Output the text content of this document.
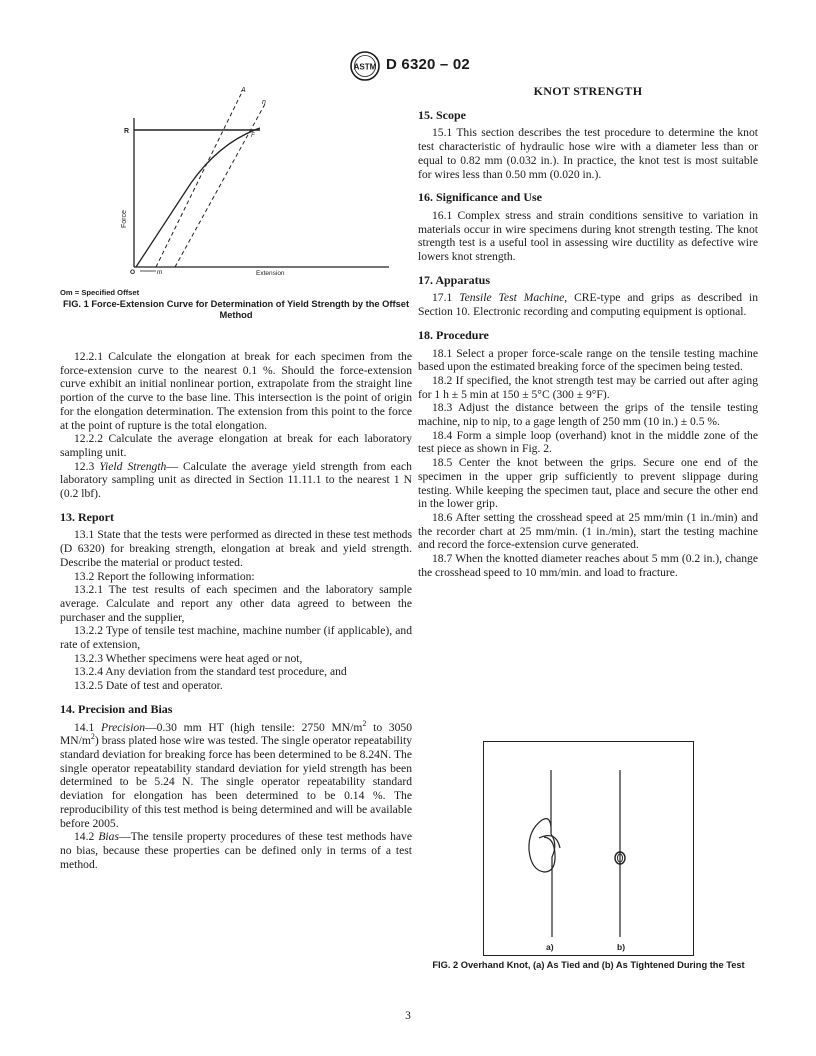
ASTM D 6320 – 02
A
n
R
F
Force
O	m	Extension
Om = Specified Offset
FIG. 1 Force-Extension Curve for Determination of Yield Strength by the Offset Method

12.2.1 Calculate the elongation at break for each specimen from the force-extension curve to the nearest 0.1 %. Should the force-extension curve exhibit an initial nonlinear portion, extrapolate from the straight line portion of the curve to the base line. This intersection is the point of origin for the elongation determination. The extension from this point to the force at the point of rupture is the total elongation.

12.2.2 Calculate the average elongation at break for each laboratory sampling unit.

12.3 Yield Strength— Calculate the average yield strength from each laboratory sampling unit as directed in Section 11.11.1 to the nearest 1 N (0.2 lbf).

13. Report

13.1 State that the tests were performed as directed in these test methods (D 6320) for breaking strength, elongation at break and yield strength. Describe the material or product tested.

13.2 Report the following information:

13.2.1 The test results of each specimen and the laboratory sample average. Calculate and report any other data agreed to between the purchaser and the supplier,

13.2.2 Type of tensile test machine, machine number (if applicable), and rate of extension,

13.2.3 Whether specimens were heat aged or not,

13.2.4 Any deviation from the standard test procedure, and

13.2.5 Date of test and operator.

14. Precision and Bias

14.1 Precision—0.30 mm HT (high tensile: 2750 $MN/m^2$ to 3050 $MN/m^2$) brass plated hose wire was tested. The single operator repeatability standard deviation for breaking force has been determined to be 8.24N. The single operator repeatability standard deviation for yield strength has been determined to be 5.24 N. The single operator repeatability standard deviation for elongation has been determined to be 0.14 %. The reproducibility of this test method is being determined and will be available before 2005.

14.2 Bias—The tensile property procedures of these test methods have no bias, because these properties can be defined only in terms of a test method.

KNOT STRENGTH
15. Scope

15.1 This section describes the test procedure to determine the knot test characteristic of hydraulic hose wire with a diameter less than or equal to 0.82 mm (0.032 in.). In practice, the knot test is most suitable for wires less than 0.50 mm (0.020 in.).

16. Significance and Use

16.1 Complex stress and strain conditions sensitive to variation in materials occur in wire specimens during knot strength testing. The knot strength test is a useful tool in assessing wire ductility as defective wire lowers knot strength.

17. Apparatus

17.1 Tensile Test Machine, CRE-type and grips as described in Section 10. Electronic recording and computing equipment is optional.

18. Procedure

18.1 Select a proper force-scale range on the tensile testing machine based upon the estimated breaking force of the specimen being tested.

18.2 If specified, the knot strength test may be carried out after aging for 1 h ± 5 min at 150 ± 5°C (300 ± 9°F).

18.3 Adjust the distance between the grips of the tensile testing machine, nip to nip, to a gage length of 250 mm (10 in.) ± 0.5 %.

18.4 Form a simple loop (overhand) knot in the middle zone of the test piece as shown in Fig. 2.

18.5 Center the knot between the grips. Secure one end of the specimen in the upper grip sufficiently to prevent slippage during testing. While keeping the specimen taut, place and secure the other end in the lower grip.

18.6 After setting the crosshead speed at 25 mm/min (1 in./min) and the recorder chart at 25 mm/min. (1 in./min), start the testing machine and record the force-extension curve generated.

18.7 When the knotted diameter reaches about 5 mm (0.2 in.), change the crosshead speed to 10 mm/min. and load to fracture.

a)	b)
FIG. 2 Overhand Knot, (a) As Tied and (b) As Tightened During the Test
3
